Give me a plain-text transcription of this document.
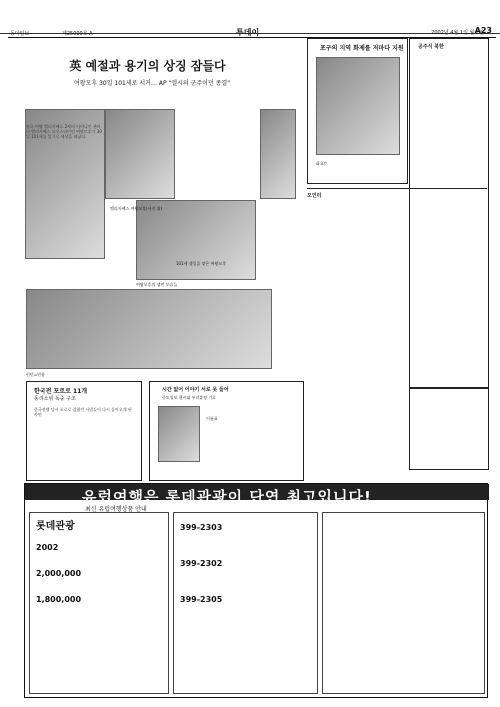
동아일보	제25000호 A	투데이	2002년 4월 1일 월요일
A23
英 예절과 용기의 상징 잠들다
여왕모후 30일 101세로 서거… AP "엘시의 군주이던 종결"
엘리자베스 여왕모후(사진 위)
여왕모후의 생전 모습들
101세 생일을 맞은 여왕모후
영국 여왕 엘리자베스 2세의 어머니인 퀸마더 엘리자베스 보우스라이언 여왕모후가 30일 101세를 일기로 세상을 떠났다.
런던=연합
한국전 포로로 11개
동리소위 독중 구조
한국전쟁 당시 포로로 잡혔던 사람들이 다시 돌아오게 된 사연
시간 없어 이야기 서로 못 들어
중도일보 편시대 부녀휴정 기로
이름표
포구의 지역 화제를 저마다 지원
화요토
공주식 북한
오인터
유럽여행은 롯데관광이 단연 최고입니다!
최신 유럽여행상품 안내
롯데관광
2002
2,000,000
1,800,000
399-2303
399-2302
399-2305
